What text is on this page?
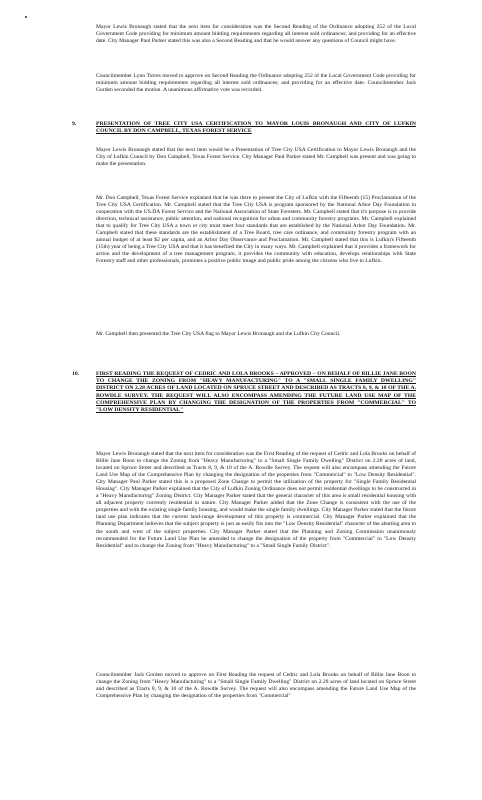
Mayor Lewis Bronaugh stated that the next item for consideration was the Second Reading of the Ordinance adopting 252 of the Local Government Code providing for minimum amount bidding requirements regarding all interest sold ordinances; and providing for an effective date. City Manager Paul Parker stated this was also a Second Reading and that he would answer any questions of Council might have.

Councilmember Lynn Torres moved to approve on Second Reading the Ordinance adopting 252 of the Local Government Code providing for minimum amount bidding requirements regarding all interest sold ordinances; and providing for an effective date. Councilmember Jack Gorden seconded the motion. A unanimous affirmative vote was recorded.

9.	PRESENTATION OF TREE CITY USA CERTIFICATION TO MAYOR LOUIS BRONAUGH AND CITY OF LUFKIN COUNCIL BY DON CAMPBELL, TEXAS FOREST SERVICE

Mayor Lewis Bronaugh stated that the next item would be a Presentation of Tree City USA Certification to Mayor Lewis Bronaugh and the City of Lufkin Council by Don Campbell, Texas Forest Service. City Manager Paul Parker stated Mr. Campbell was present and was going to make the presentation.

Mr. Don Campbell, Texas Forest Service explained that he was there to present the City of Lufkin with the Fifteenth (15) Proclamation of the Tree City USA Certification. Mr. Campbell stated that the Tree City USA is program sponsored by the National Arbor Day Foundation in cooperation with the US.DA Forest Service and the National Association of State Foresters. Mr. Campbell stated that it's purpose is to provide direction, technical assistance, public attention, and national recognition for urban and community forestry programs. Mr. Campbell explained that to qualify for Tree City USA a town or city must meet four standards that are established by the National Arbor Day Foundation. Mr. Campbell stated that these standards are the establishment of a Tree Board, tree care ordinance, and community forestry program with an annual budget of at least $2 per capita, and an Arbor Day Observance and Proclamation. Mr. Campbell stated that this is Lufkin's Fifteenth (15th) year of being a Tree City USA and that it has benefited the City in many ways. Mr. Campbell explained that it provides a framework for action and the development of a tree management program, it provides the community with education, develops relationships with State Forestry staff and other professionals, promotes a positive public image and public pride among the citizens who live in Lufkin.

Mr. Campbell then presented the Tree City USA flag to Mayor Lewis Bronaugh and the Lufkin City Council.

10.	FIRST READING THE REQUEST OF CEDRIC AND LOLA BROOKS – APPROVED – ON BEHALF OF BILLIE JANE BOON TO CHANGE THE ZONING FROM "HEAVY MANUFACTURING" TO A "SMALL SINGLE FAMILY DWELLING" DISTRICT ON 2.28 ACRES OF LAND LOCATED ON SPRUCE STREET AND DESCRIBED AS TRACTS 8, 9, & 10 OF THE A. BOWDLE SURVEY. THE REQUEST WILL ALSO ENCOMPASS AMENDING THE FUTURE LAND USE MAP OF THE COMPREHENSIVE PLAN BY CHANGING THE DESIGNATION OF THE PROPERTIES FROM "COMMERCIAL" TO "LOW DENSITY RESIDENTIAL"

Mayor Lewis Bronaugh stated that the next item for consideration was the First Reading of the request of Cedric and Lola Brooks on behalf of Billie Jane Boon to change the Zoning from "Heavy Manufacturing" to a "Small Single Family Dwelling" District on 2.28 acres of land, located on Spruce Street and described as Tracts 8, 9, & 10 of the A. Bowdle Survey. The request will also encompass amending the Future Land Use Map of the Comprehensive Plan by changing the designation of the properties from "Commercial" to "Low Density Residential". City Manager Paul Parker stated this is a proposed Zone Change to permit the utilization of the property for "Single Family Residential Housing". City Manager Parker explained that the City of Lufkin Zoning Ordinance does not permit residential dwellings to be constructed in a "Heavy Manufacturing" Zoning District. City Manager Parker stated that the general character of this area is small residential housing with all adjacent property currently residential in nature. City Manager Parker added that the Zone Change is consistent with the use of the properties and with the existing single family housing, and would make the single family dwellings. City Manager Parker stated that the future land use plan indicates that the current land-range development of this property is commercial. City Manager Parker explained that the Planning Department believes that the subject property is just as easily fits into the "Low Density Residential" character of the abutting area to the south and west of the subject properties. City Manager Parker stated that the Planning and Zoning Commission unanimously recommended for the Future Land Use Plan be amended to change the designation of the property from "Commercial" to "Low Density Residential" and to change the Zoning from "Heavy Manufacturing" to a "Small Single Family District".

Councilmember Jack Gorden moved to approve on First Reading the request of Cedric and Lola Brooks on behalf of Billie Jane Boon to change the Zoning from "Heavy Manufacturing" to a "Small Single Family Dwelling" District on 2.28 acres of land located on Spruce Street and described as Tracts 8, 9, & 10 of the A. Bowdle Survey. The request will also encompass amending the Future Land Use Map of the Comprehensive Plan by changing the designation of the properties from "Commercial"
